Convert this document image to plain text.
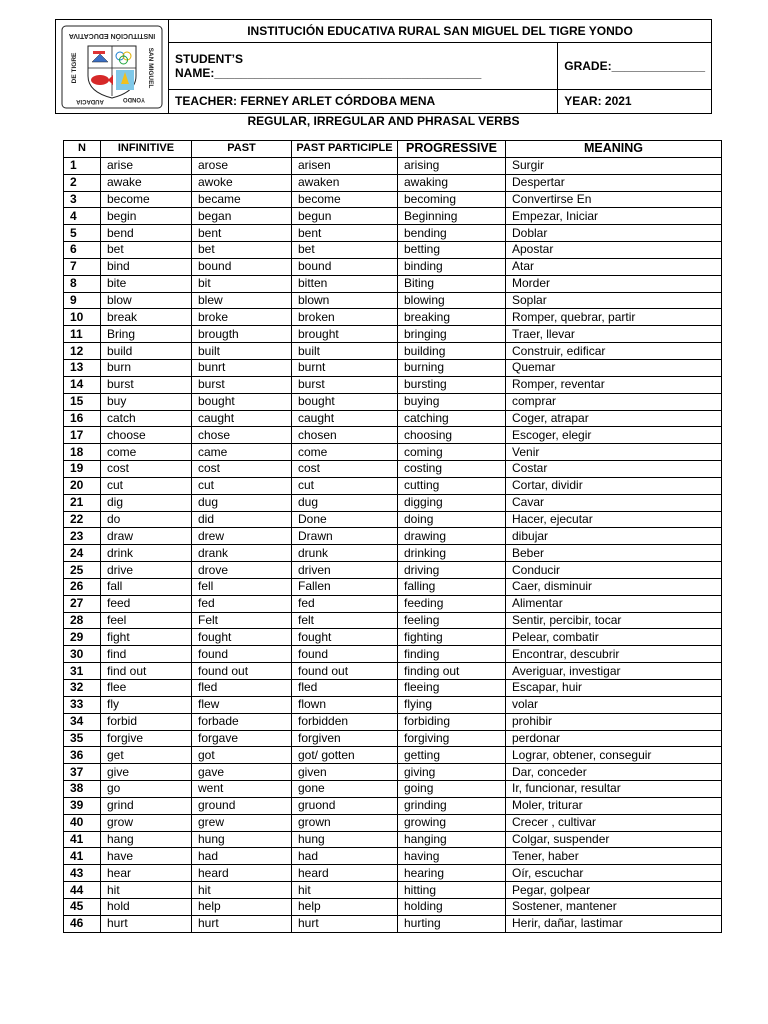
INSTITUCIÓN EDUCATIVA
DE TIGRE SAN MIGUEL
AUDACIA YONDO	INSTITUCIÓN EDUCATIVA RURAL SAN MIGUEL DEL TIGRE YONDO	
	STUDENT’S NAME:________________________________________	GRADE:______________
	TEACHER: FERNEY ARLET CÓRDOBA MENA	YEAR: 2021
REGULAR, IRREGULAR AND PHRASAL VERBS
N	INFINITIVE	PAST	PAST PARTICIPLE	PROGRESSIVE	MEANING
1	arise	arose	arisen	arising	Surgir
2	awake	awoke	awaken	awaking	Despertar
3	become	became	become	becoming	Convertirse En
4	begin	began	begun	Beginning	Empezar, Iniciar
5	bend	bent	bent	bending	Doblar
6	bet	bet	bet	betting	Apostar
7	bind	bound	bound	binding	Atar
8	bite	bit	bitten	Biting	Morder
9	blow	blew	blown	blowing	Soplar
10	break	broke	broken	breaking	Romper, quebrar, partir
11	Bring	brougth	brought	bringing	Traer, llevar
12	build	built	built	building	Construir, edificar
13	burn	bunrt	burnt	burning	Quemar
14	burst	burst	burst	bursting	Romper, reventar
15	buy	bought	bought	buying	comprar
16	catch	caught	caught	catching	Coger, atrapar
17	choose	chose	chosen	choosing	Escoger, elegir
18	come	came	come	coming	Venir
19	cost	cost	cost	costing	Costar
20	cut	cut	cut	cutting	Cortar, dividir
21	dig	dug	dug	digging	Cavar
22	do	did	Done	doing	Hacer, ejecutar
23	draw	drew	Drawn	drawing	dibujar
24	drink	drank	drunk	drinking	Beber
25	drive	drove	driven	driving	Conducir
26	fall	fell	Fallen	falling	Caer, disminuir
27	feed	fed	fed	feeding	Alimentar
28	feel	Felt	felt	feeling	Sentir, percibir, tocar
29	fight	fought	fought	fighting	Pelear, combatir
30	find	found	found	finding	Encontrar, descubrir
31	find out	found out	found out	finding out	Averiguar, investigar
32	flee	fled	fled	fleeing	Escapar, huir
33	fly	flew	flown	flying	volar
34	forbid	forbade	forbidden	forbiding	prohibir
35	forgive	forgave	forgiven	forgiving	perdonar
36	get	got	got/ gotten	getting	Lograr, obtener, conseguir
37	give	gave	given	giving	Dar, conceder
38	go	went	gone	going	Ir, funcionar, resultar
39	grind	ground	gruond	grinding	Moler, triturar
40	grow	grew	grown	growing	Crecer , cultivar
41	hang	hung	hung	hanging	Colgar, suspender
41	have	had	had	having	Tener, haber
43	hear	heard	heard	hearing	Oír, escuchar
44	hit	hit	hit	hitting	Pegar, golpear
45	hold	help	help	holding	Sostener, mantener
46	hurt	hurt	hurt	hurting	Herir, dañar, lastimar
